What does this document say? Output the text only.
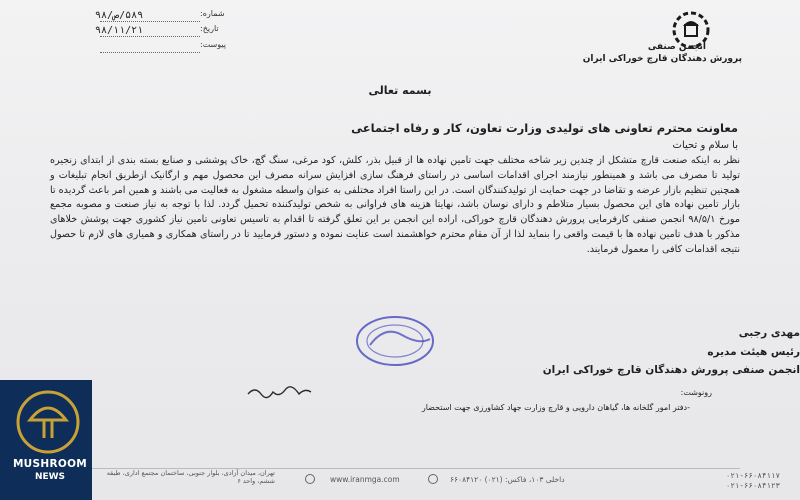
انجمن صنفی
پرورش دهندگان قارچ خوراکی ایران
شماره:
۵۸۹/ص/۹۸
تاریخ:
۹۸/۱۱/۲۱
پیوست:
بسمه تعالی
معاونت محترم تعاونی های تولیدی وزارت تعاون، کار و رفاه اجتماعی
با سلام و تحیات

نظر به اینکه صنعت قارچ متشکل از چندین زیر شاخه مختلف جهت تامین نهاده ها از قبیل بذر، کلش، کود مرغی، سنگ گچ، خاک پوششی و صنایع بسته بندی از ابتدای زنجیره تولید تا مصرف می باشد و همینطور نیازمند اجرای اقدامات اساسی در راستای فرهنگ سازی افزایش سرانه مصرف این محصول مهم و ارگانیک ازطریق انجام تبلیغات و همچنین تنظیم بازار عرضه و تقاضا در جهت حمایت از تولیدکنندگان است. در این راستا افراد مختلفی به عنوان واسطه مشغول به فعالیت می باشند و همین امر باعث گردیده تا بازار تامین نهاده های این محصول بسیار متلاطم و دارای نوسان باشد، نهایتا هزینه های فراوانی به شخص تولیدکننده تحمیل گردد. لذا با توجه به نیاز صنعت و مصوبه مجمع مورخ ۹۸/۵/۱ انجمن صنفی کارفرمایی پرورش دهندگان قارچ خوراکی، اراده این انجمن بر این تعلق گرفته تا اقدام به تاسیس تعاونی تامین نیاز کشوری جهت پوشش خلاهای مذکور با هدف تامین نهاده ها با قیمت واقعی را بنماید لذا از آن مقام محترم خواهشمند است عنایت نموده و دستور فرمایید تا در راستای همکاری و همیاری های لازم تا حصول نتیجه اقدامات کافی را معمول فرمایند.

مهدی رجبی
رئیس هیئت مدیره
انجمن صنفی پرورش دهندگان قارچ خوراکی ایران
رونوشت:
-دفتر امور گلخانه ها، گیاهان دارویی و قارچ وزارت جهاد کشاورزی جهت استحضار
تهران، میدان آزادی، بلوار جنوبی، ساختمان مجتمع اداری، طبقه ششم، واحد ۶	www.iranmga.com	داخلی ۱۰۳، فاکس: (۰۲۱) ۶۶۰۸۴۱۲۰	۰۲۱-۶۶۰۸۴۱۱۷
۰۲۱-۶۶۰۸۴۱۲۳
MUSHROOM
NEWS
